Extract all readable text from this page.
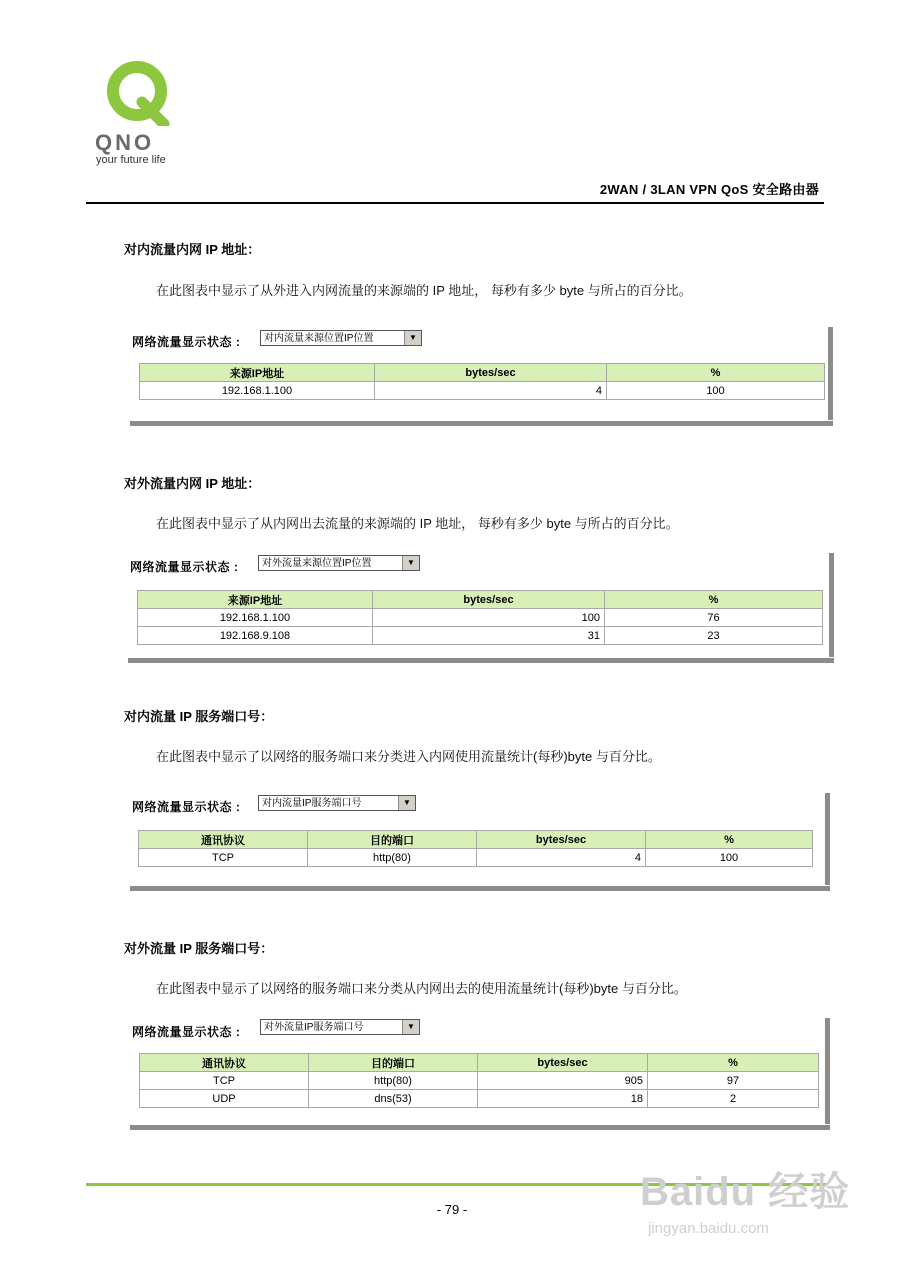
QNO
your future life
2WAN / 3LAN VPN QoS 安全路由器
对内流量内网 IP 地址：
在此图表中显示了从外进入内网流量的来源端的 IP 地址， 每秒有多少 byte 与所占的百分比。
网络流量显示状态 :	对内流量来源位置IP位置	▼
来源IP地址	bytes/sec	%
192.168.1.100	4	100
对外流量内网 IP 地址：
在此图表中显示了从内网出去流量的来源端的 IP 地址， 每秒有多少 byte 与所占的百分比。
网络流量显示状态 :	对外流量来源位置IP位置	▼
来源IP地址	bytes/sec	%
192.168.1.100	100	76
192.168.9.108	31	23
对内流量 IP 服务端口号：
在此图表中显示了以网络的服务端口来分类进入内网使用流量统计(每秒)byte 与百分比。
网络流量显示状态 :	对内流量IP服务端口号	▼
通讯协议	目的端口	bytes/sec	%
TCP	http(80)	4	100
对外流量 IP 服务端口号：
在此图表中显示了以网络的服务端口来分类从内网出去的使用流量统计(每秒)byte 与百分比。
网络流量显示状态 :	对外流量IP服务端口号	▼
通讯协议	目的端口	bytes/sec	%
TCP	http(80)	905	97
UDP	dns(53)	18	2
- 79 -	Baidu 经验
jingyan.baidu.com
